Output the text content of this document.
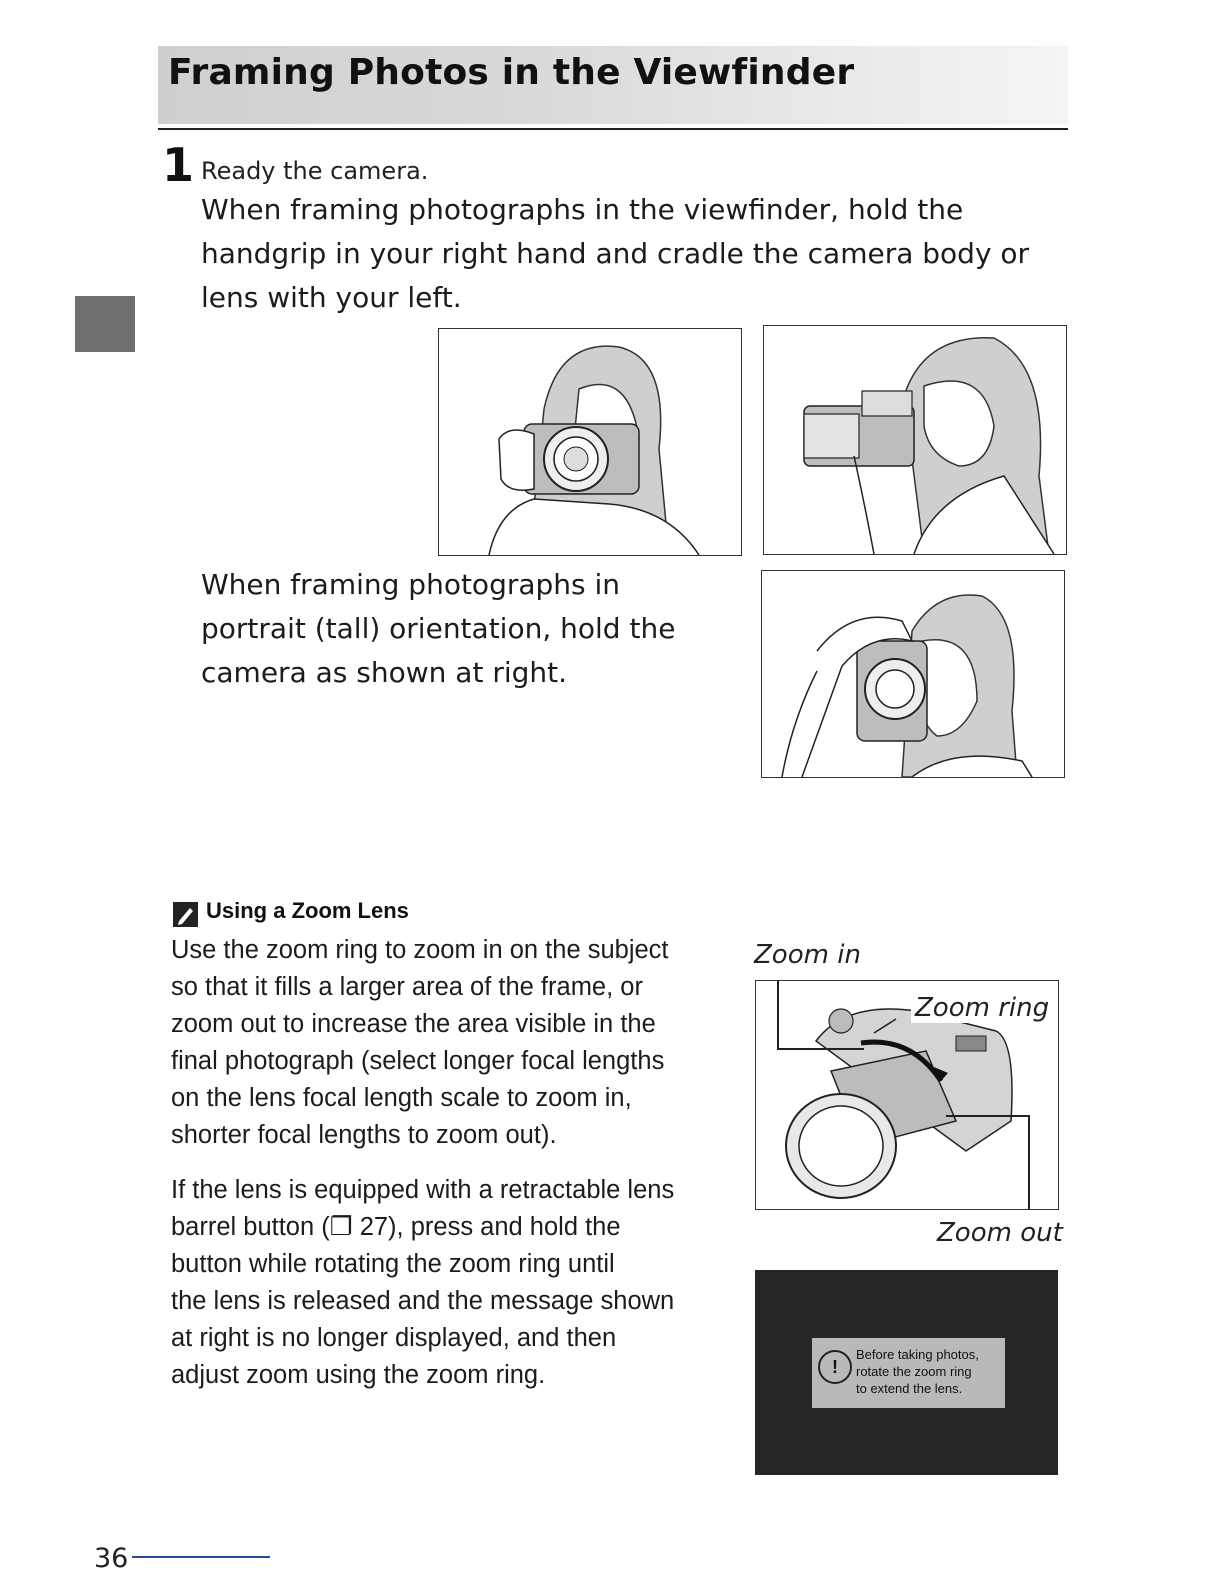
Framing Photos in the Viewfinder
1 Ready the camera.
When framing photographs in the viewfinder, hold the
handgrip in your right hand and cradle the camera body or
lens with your left.
When framing photographs in
portrait (tall) orientation, hold the
camera as shown at right.
Using a Zoom Lens
Use the zoom ring to zoom in on the subject
so that it fills a larger area of the frame, or
zoom out to increase the area visible in the
final photograph (select longer focal lengths
on the lens focal length scale to zoom in,
shorter focal lengths to zoom out).
If the lens is equipped with a retractable lens
barrel button (❐ 27), press and hold the
button while rotating the zoom ring until
the lens is released and the message shown
at right is no longer displayed, and then
adjust zoom using the zoom ring.
Zoom in
Zoom ring
Zoom out
!
Before taking photos,
rotate the zoom ring
to extend the lens.
36
